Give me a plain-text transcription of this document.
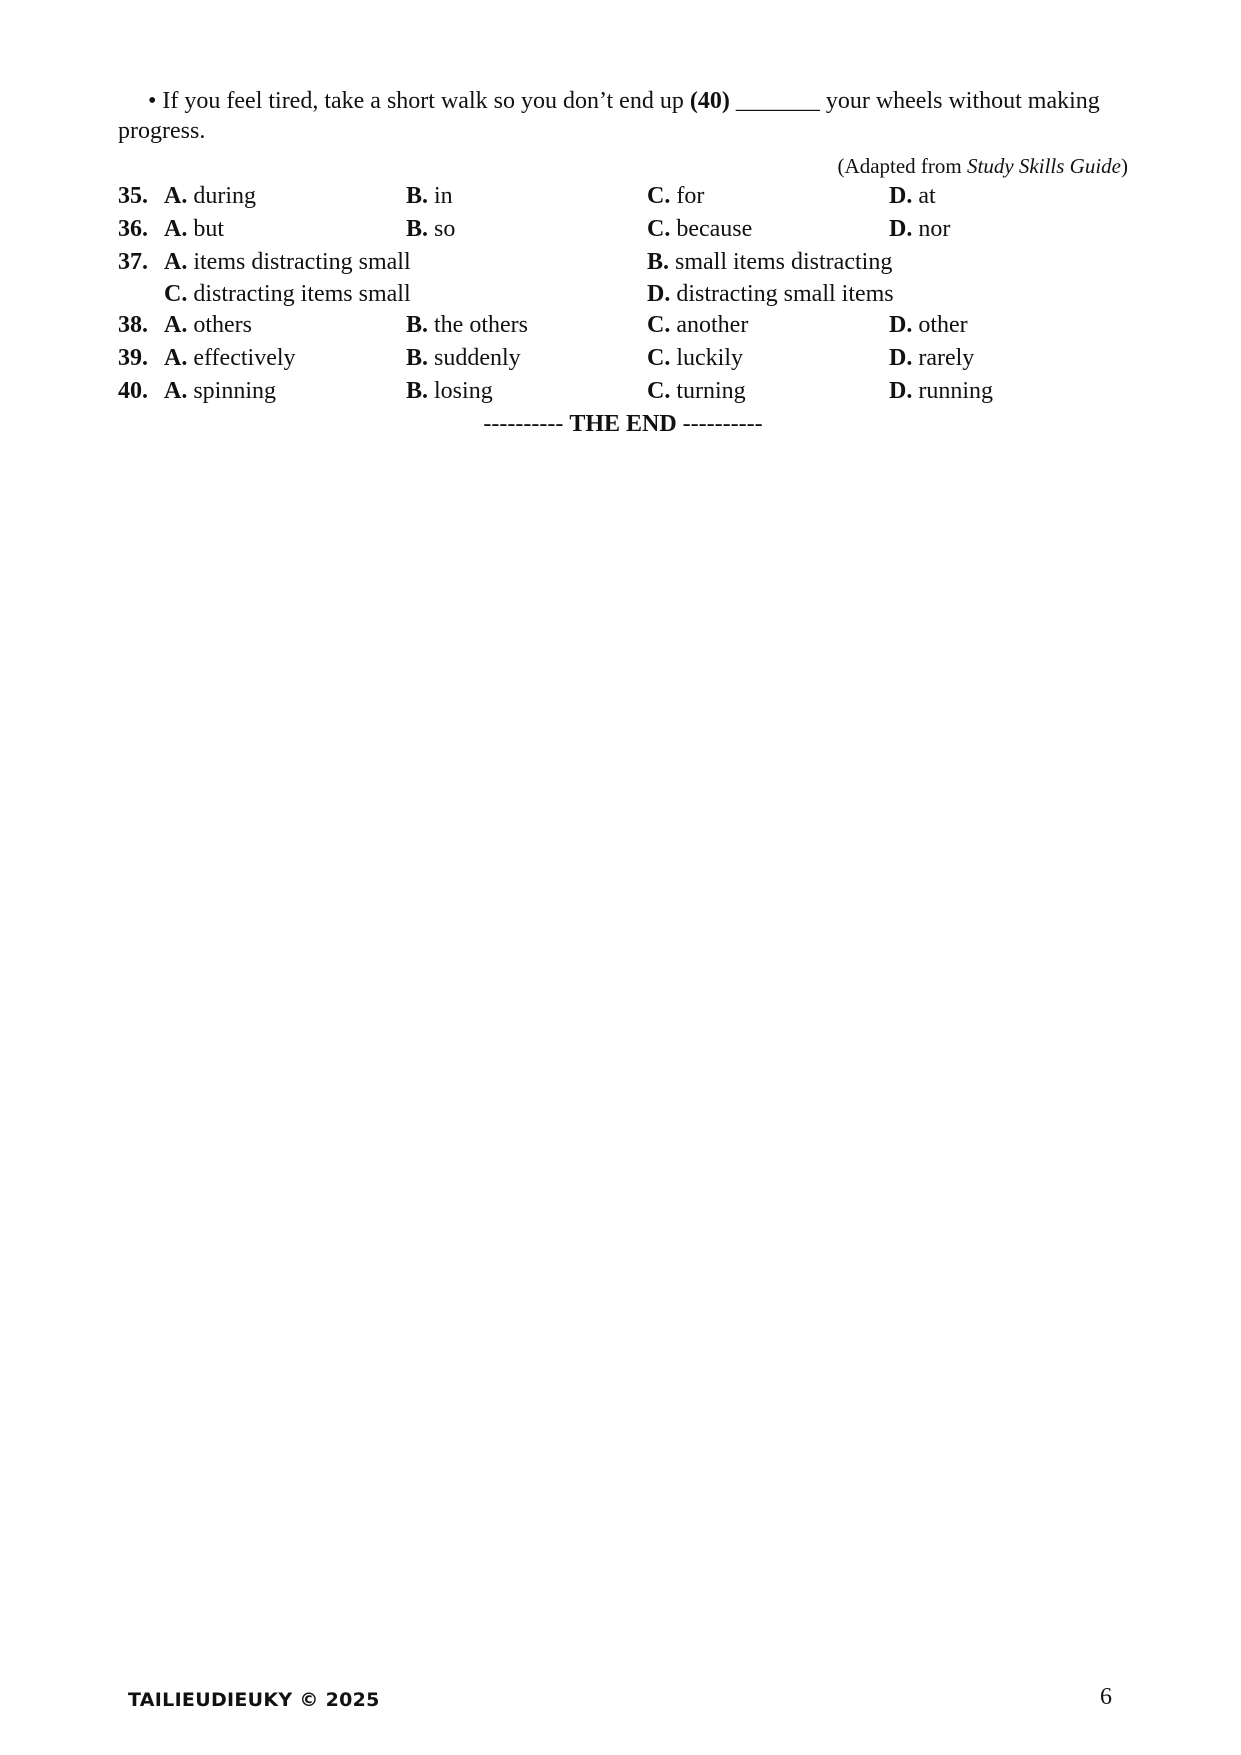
• If you feel tired, take a short walk so you don’t end up (40) _______ your wheels without making progress.

(Adapted from Study Skills Guide)
35. A. during	B. in	C. for	D. at
36. A. but	B. so	C. because	D. nor
37. A. items distracting small	B. small items distracting
C. distracting items small	D. distracting small items
38. A. others	B. the others	C. another	D. other
39. A. effectively	B. suddenly	C. luckily	D. rarely
40. A. spinning	B. losing	C. turning	D. running
---------- THE END ----------
TAILIEUDIEUKY © 2025	6
